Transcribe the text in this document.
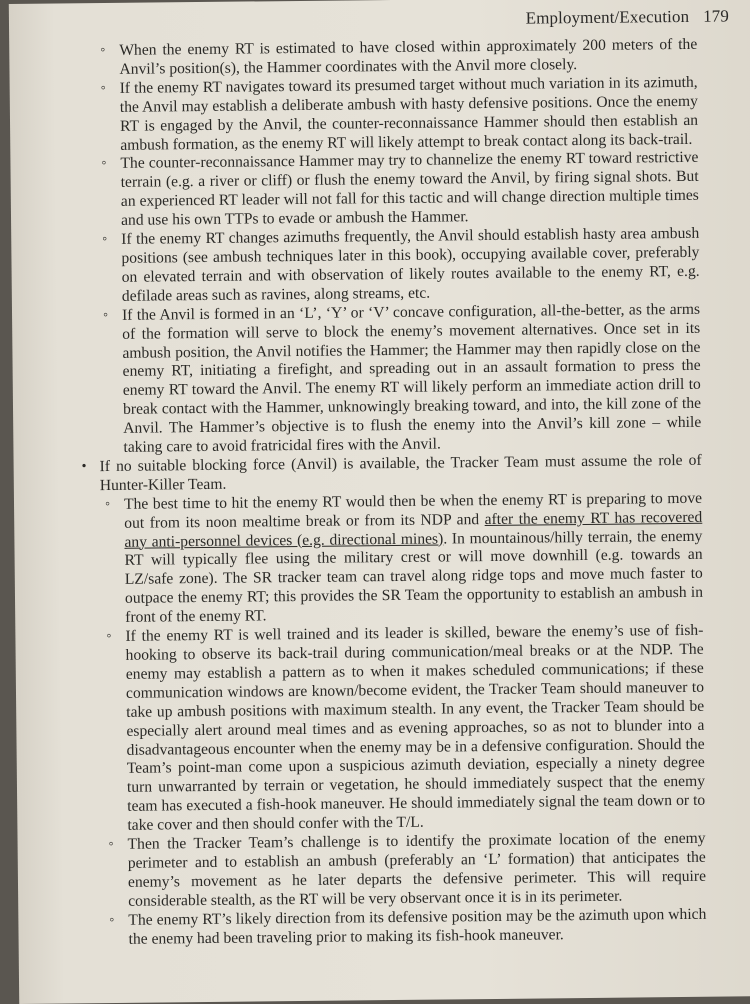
Employment/Execution 179
◦ When the enemy RT is estimated to have closed within approximately 200 meters of the Anvil’s position(s), the Hammer coordinates with the Anvil more closely.
◦ If the enemy RT navigates toward its presumed target without much variation in its azimuth, the Anvil may establish a deliberate ambush with hasty defensive positions. Once the enemy RT is engaged by the Anvil, the counter-reconnaissance Hammer should then establish an ambush formation, as the enemy RT will likely attempt to break contact along its back-trail.
◦ The counter-reconnaissance Hammer may try to channelize the enemy RT toward restrictive terrain (e.g. a river or cliff) or flush the enemy toward the Anvil, by firing signal shots. But an experienced RT leader will not fall for this tactic and will change direction multiple times and use his own TTPs to evade or ambush the Hammer.
◦ If the enemy RT changes azimuths frequently, the Anvil should establish hasty area ambush positions (see ambush techniques later in this book), occupying available cover, preferably on elevated terrain and with observation of likely routes available to the enemy RT, e.g. defilade areas such as ravines, along streams, etc.
◦ If the Anvil is formed in an ‘L’, ‘Y’ or ‘V’ concave configuration, all-the-better, as the arms of the formation will serve to block the enemy’s movement alternatives. Once set in its ambush position, the Anvil notifies the Hammer; the Hammer may then rapidly close on the enemy RT, initiating a firefight, and spreading out in an assault formation to press the enemy RT toward the Anvil. The enemy RT will likely perform an immediate action drill to break contact with the Hammer, unknowingly breaking toward, and into, the kill zone of the Anvil. The Hammer’s objective is to flush the enemy into the Anvil’s kill zone – while taking care to avoid fratricidal fires with the Anvil.
• If no suitable blocking force (Anvil) is available, the Tracker Team must assume the role of Hunter-Killer Team.
◦ The best time to hit the enemy RT would then be when the enemy RT is preparing to move out from its noon mealtime break or from its NDP and after the enemy RT has recovered any anti-personnel devices (e.g. directional mines). In mountainous/hilly terrain, the enemy RT will typically flee using the military crest or will move downhill (e.g. towards an LZ/safe zone). The SR tracker team can travel along ridge tops and move much faster to outpace the enemy RT; this provides the SR Team the opportunity to establish an ambush in front of the enemy RT.
◦ If the enemy RT is well trained and its leader is skilled, beware the enemy’s use of fish-hooking to observe its back-trail during communication/meal breaks or at the NDP. The enemy may establish a pattern as to when it makes scheduled communications; if these communication windows are known/become evident, the Tracker Team should maneuver to take up ambush positions with maximum stealth. In any event, the Tracker Team should be especially alert around meal times and as evening approaches, so as not to blunder into a disadvantageous encounter when the enemy may be in a defensive configuration. Should the Team’s point-man come upon a suspicious azimuth deviation, especially a ninety degree turn unwarranted by terrain or vegetation, he should immediately suspect that the enemy team has executed a fish-hook maneuver. He should immediately signal the team down or to take cover and then should confer with the T/L.
◦ Then the Tracker Team’s challenge is to identify the proximate location of the enemy perimeter and to establish an ambush (preferably an ‘L’ formation) that anticipates the enemy’s movement as he later departs the defensive perimeter. This will require considerable stealth, as the RT will be very observant once it is in its perimeter.
◦ The enemy RT’s likely direction from its defensive position may be the azimuth upon which the enemy had been traveling prior to making its fish-hook maneuver.
